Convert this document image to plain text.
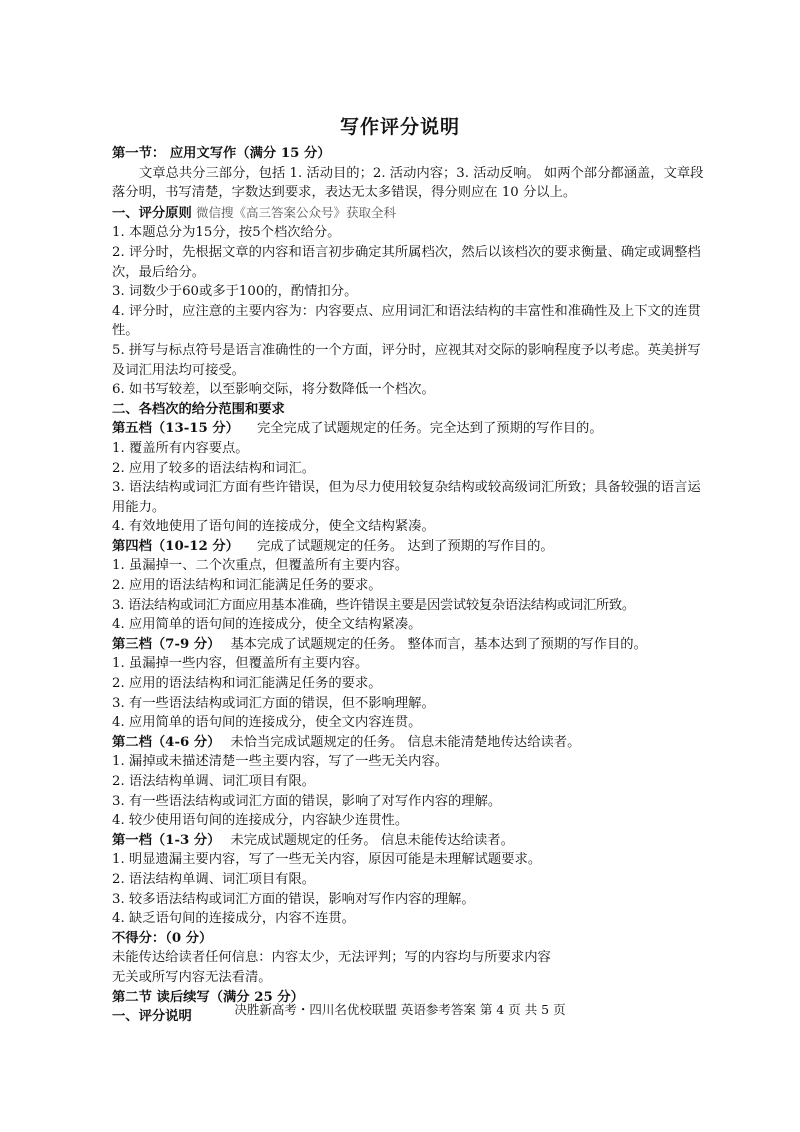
写作评分说明

第一节： 应用文写作（满分 15 分）

文章总共分三部分，包括 1. 活动目的；2. 活动内容；3. 活动反响。 如两个部分都涵盖，文章段落分明，书写清楚，字数达到要求，表达无太多错误，得分则应在 10 分以上。

一、评分原则 微信搜《高三答案公众号》获取全科

1. 本题总分为15分，按5个档次给分。

2. 评分时，先根据文章的内容和语言初步确定其所属档次，然后以该档次的要求衡量、确定或调整档次，最后给分。

3. 词数少于60或多于100的，酌情扣分。

4. 评分时，应注意的主要内容为：内容要点、应用词汇和语法结构的丰富性和准确性及上下文的连贯性。

5. 拼写与标点符号是语言准确性的一个方面，评分时，应视其对交际的影响程度予以考虑。英美拼写及词汇用法均可接受。

6. 如书写较差，以至影响交际，将分数降低一个档次。

二、各档次的给分范围和要求

第五档（13-15 分） 完全完成了试题规定的任务。完全达到了预期的写作目的。

1. 覆盖所有内容要点。

2. 应用了较多的语法结构和词汇。

3. 语法结构或词汇方面有些许错误，但为尽力使用较复杂结构或较高级词汇所致；具备较强的语言运用能力。

4. 有效地使用了语句间的连接成分，使全文结构紧凑。

第四档（10-12 分） 完成了试题规定的任务。 达到了预期的写作目的。

1. 虽漏掉一、二个次重点，但覆盖所有主要内容。

2. 应用的语法结构和词汇能满足任务的要求。

3. 语法结构或词汇方面应用基本准确，些许错误主要是因尝试较复杂语法结构或词汇所致。

4. 应用简单的语句间的连接成分，使全文结构紧凑。

第三档（7-9 分） 基本完成了试题规定的任务。 整体而言，基本达到了预期的写作目的。

1. 虽漏掉一些内容，但覆盖所有主要内容。

2. 应用的语法结构和词汇能满足任务的要求。

3. 有一些语法结构或词汇方面的错误，但不影响理解。

4. 应用简单的语句间的连接成分，使全文内容连贯。

第二档（4-6 分） 未恰当完成试题规定的任务。 信息未能清楚地传达给读者。

1. 漏掉或未描述清楚一些主要内容，写了一些无关内容。

2. 语法结构单调、词汇项目有限。

3. 有一些语法结构或词汇方面的错误，影响了对写作内容的理解。

4. 较少使用语句间的连接成分，内容缺少连贯性。

第一档（1-3 分） 未完成试题规定的任务。 信息未能传达给读者。

1. 明显遗漏主要内容，写了一些无关内容，原因可能是未理解试题要求。

2. 语法结构单调、词汇项目有限。

3. 较多语法结构或词汇方面的错误，影响对写作内容的理解。

4. 缺乏语句间的连接成分，内容不连贯。

不得分：（0 分）

未能传达给读者任何信息：内容太少，无法评判；写的内容均与所要求内容

无关或所写内容无法看清。

第二节 读后续写（满分 25 分）

一、评分说明	决胜新高考・四川名优校联盟 英语参考答案 第 4 页 共 5 页
